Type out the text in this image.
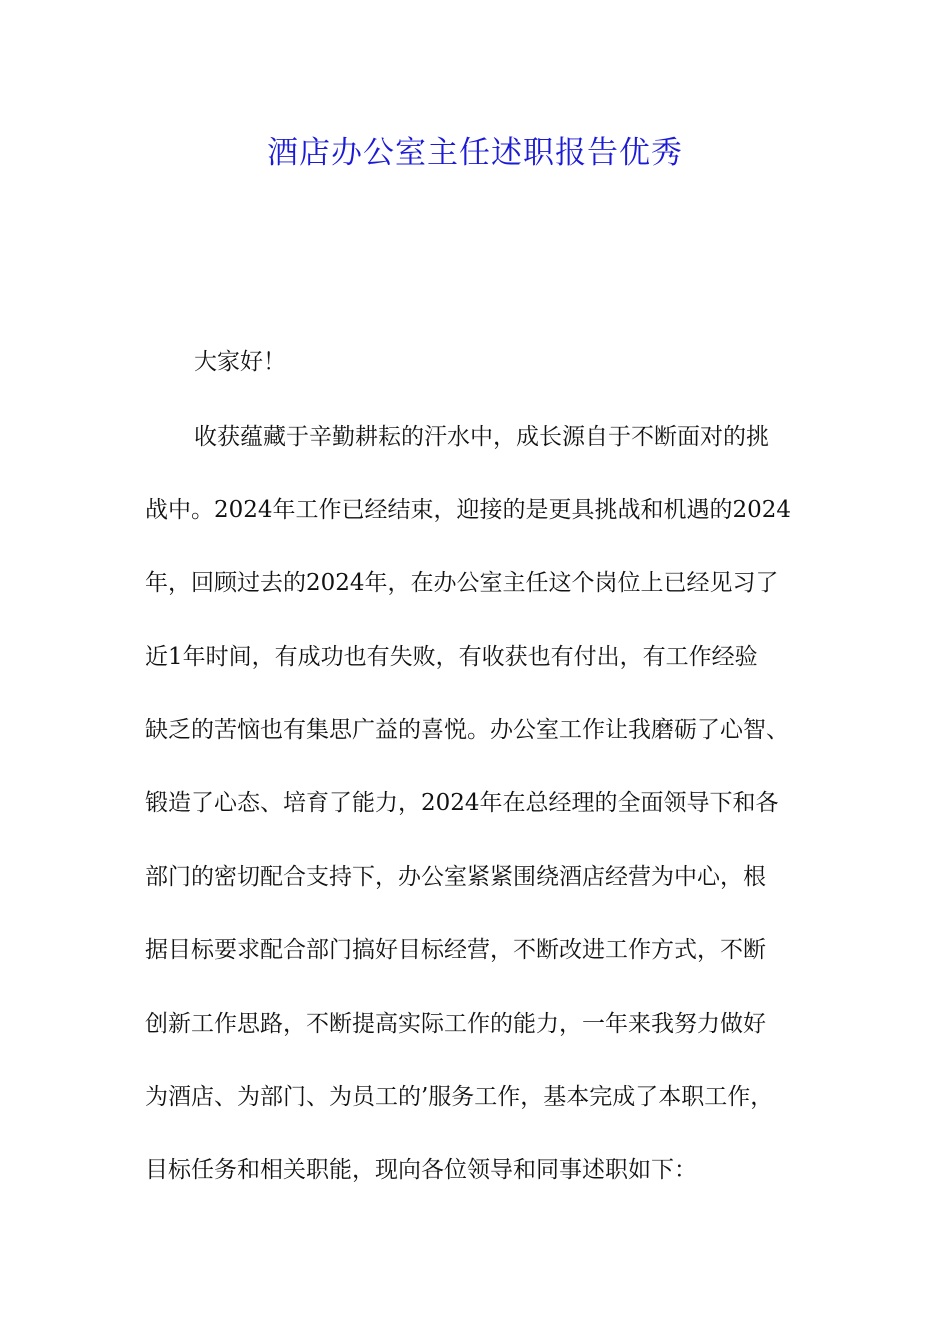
酒店办公室主任述职报告优秀
大家好！
收获蕴藏于辛勤耕耘的汗水中，成长源自于不断面对的挑
战中。2024年工作已经结束，迎接的是更具挑战和机遇的2024
年，回顾过去的2024年，在办公室主任这个岗位上已经见习了
近1年时间，有成功也有失败，有收获也有付出，有工作经验
缺乏的苦恼也有集思广益的喜悦。办公室工作让我磨砺了心智、
锻造了心态、培育了能力，2024年在总经理的全面领导下和各
部门的密切配合支持下，办公室紧紧围绕酒店经营为中心，根
据目标要求配合部门搞好目标经营，不断改进工作方式，不断
创新工作思路，不断提高实际工作的能力，一年来我努力做好
为酒店、为部门、为员工的’服务工作，基本完成了本职工作，
目标任务和相关职能，现向各位领导和同事述职如下：
